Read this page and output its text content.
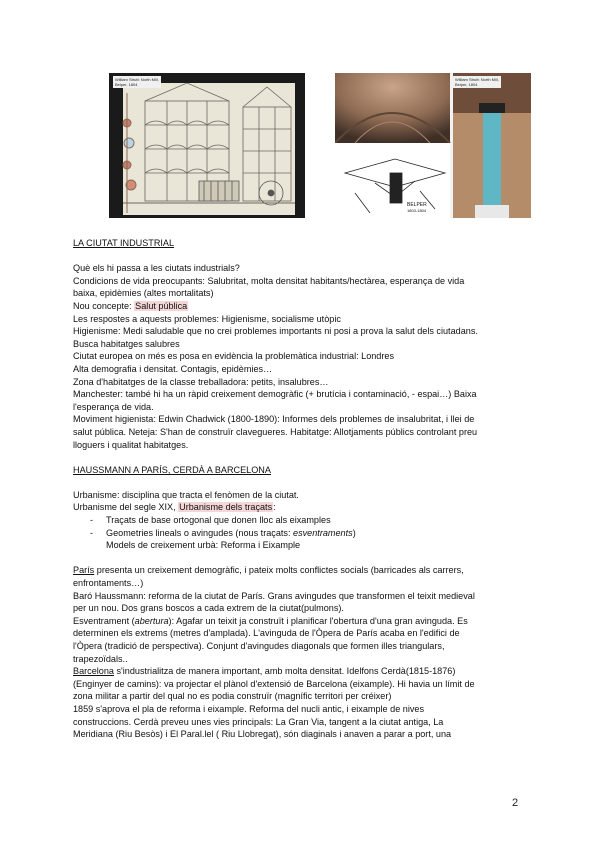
William Strutt: North Mill,
Belper, 1804
BELPER
1803-1804
William Strutt: North Mill,
Belper, 1804

LA CIUTAT INDUSTRIAL

Què els hi passa a les ciutats industrials?

Condicions de vida preocupants: Salubritat, molta densitat habitants/hectàrea, esperança de vida

baixa, epidèmies (altes mortalitats)

Nou concepte: Salut pública

Les respostes a aquests problemes: Higienisme, socialisme utòpic

Higienisme: Medi saludable que no crei problemes importants ni posi a prova la salut dels ciutadans.

Busca habitatges salubres

Ciutat europea on més es posa en evidència la problemàtica industrial: Londres

Alta demografia i densitat. Contagis, epidèmies…

Zona d'habitatges de la classe treballadora: petits, insalubres…

Manchester: també hi ha un ràpid creixement demogràfic (+ brutícia i contaminació, - espai…) Baixa

l'esperança de vida.

Moviment higienista: Edwin Chadwick (1800-1890): Informes dels problemes de insalubritat, i llei de

salut pública. Neteja: S'han de construïr clavegueres. Habitatge: Allotjaments públics controlant preu

lloguers i qualitat habitatges.

HAUSSMANN A PARÍS, CERDÀ A BARCELONA

Urbanisme: disciplina que tracta el fenòmen de la ciutat.

Urbanisme del segle XIX, Urbanisme dels traçats:

- Traçats de base ortogonal que donen lloc als eixamples

- Geometries lineals o avingudes (nous traçats: esventraments)

Models de creixement urbà: Reforma i Eixample

París presenta un creixement demogràfic, i pateix molts conflictes socials (barricades als carrers,

enfrontaments…)

Baró Haussmann: reforma de la ciutat de París. Grans avingudes que transformen el teixit medieval

per un nou. Dos grans boscos a cada extrem de la ciutat(pulmons).

Esventrament (abertura): Agafar un teixit ja construït i planificar l'obertura d'una gran avinguda. Es

determinen els extrems (metres d'amplada). L'avinguda de l'Òpera de París acaba en l'edifici de

l'Òpera (tradició de perspectiva). Conjunt d'avingudes diagonals que formen illes triangulars,

trapezoïdals..

Barcelona s'industrialitza de manera important, amb molta densitat. Idelfons Cerdà(1815-1876)

(Enginyer de camins): va projectar el plànol d'extensió de Barcelona (eixample). Hi havia un límit de

zona militar a partir del qual no es podia construïr (magnífic territori per créixer)

1859 s'aprova el pla de reforma i eixample. Reforma del nucli antic, i eixample de nives

construccions. Cerdà preveu unes vies principals: La Gran Via, tangent a la ciutat antiga, La

Meridiana (Riu Besòs) i El Paral.lel ( Riu Llobregat), són diaginals i anaven a parar a port, una

2
